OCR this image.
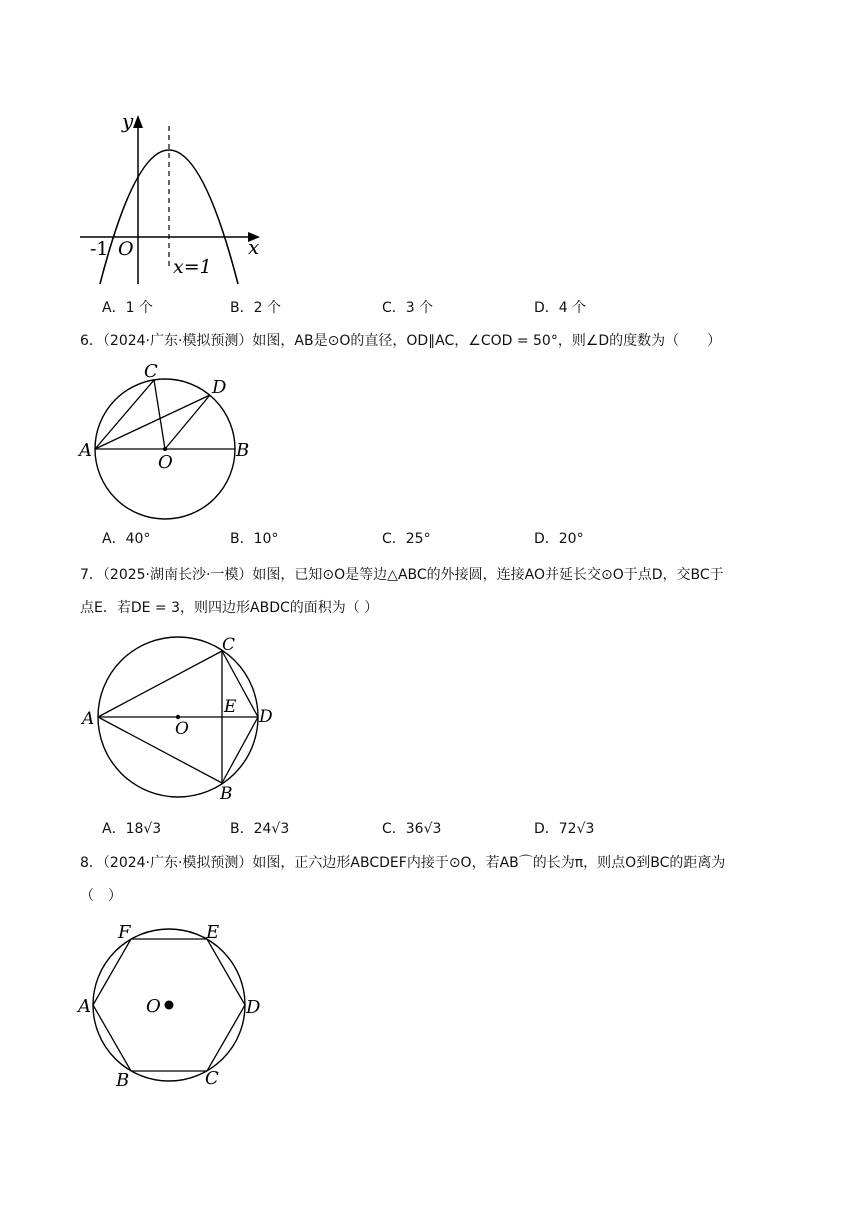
y
x
O
-1
x=1
A．1 个	B．2 个	C．3 个	D．4 个
6．（2024·广东·模拟预测）如图，AB是⊙O的直径，OD∥AC，∠COD = 50°，则∠D的度数为（　　）
C
D
A	B
O
A．40°	B．10°	C．25°	D．20°
7．（2025·湖南长沙·一模）如图，已知⊙O是等边△ABC的外接圆，连接AO并延长交⊙O于点D，交BC于
点E．若DE = 3，则四边形ABDC的面积为（ ）
C
A
E D
O
B
A．18√3	B．24√3	C．36√3	D．72√3
8．（2024·广东·模拟预测）如图，正六边形ABCDEF内接于⊙O，若AB⌒的长为π，则点O到BC的距离为
（　）
F	E
A	O	D
B	C
